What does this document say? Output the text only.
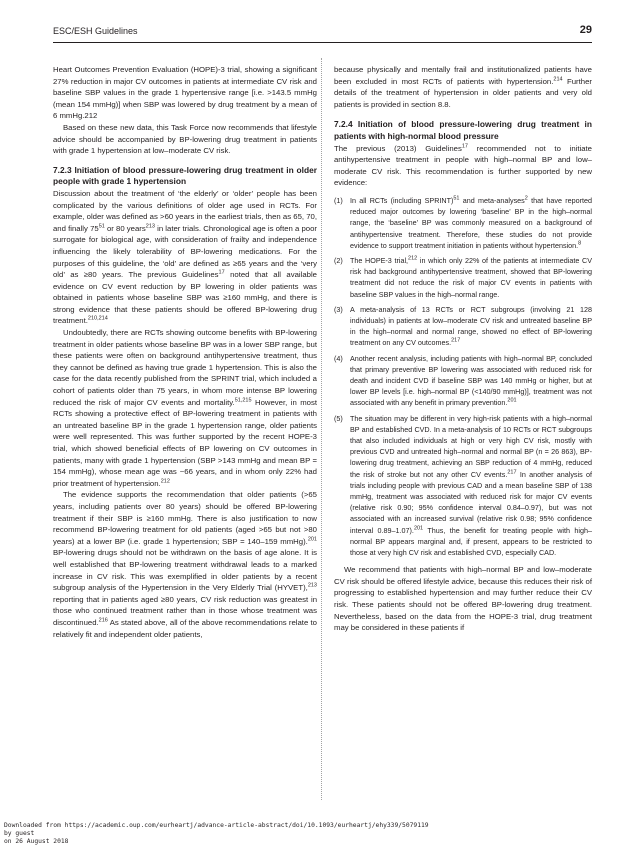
ESC/ESH Guidelines	29

Heart Outcomes Prevention Evaluation (HOPE)-3 trial, showing a significant 27% reduction in major CV outcomes in patients at intermediate CV risk and baseline SBP values in the grade 1 hypertensive range [i.e. >143.5 mmHg (mean 154 mmHg)] when SBP was lowered by drug treatment by a mean of 6 mmHg.212

Based on these new data, this Task Force now recommends that lifestyle advice should be accompanied by BP-lowering drug treatment in patients with grade 1 hypertension at low–moderate CV risk.

7.2.3 Initiation of blood pressure-lowering drug treatment in older people with grade 1 hypertension

Discussion about the treatment of ‘the elderly’ or ‘older’ people has been complicated by the various definitions of older age used in RCTs. For example, older was defined as >60 years in the earliest trials, then as 65, 70, and finally $75^{51}$ or 80 years$^{213}$ in later trials. Chronological age is often a poor surrogate for biological age, with consideration of frailty and independence influencing the likely tolerability of BP-lowering medications. For the purposes of this guideline, the ‘old’ are defined as ≥65 years and the ‘very old’ as ≥80 years. The previous Guidelines$^{17}$ noted that all available evidence on CV event reduction by BP lowering in older patients was obtained in patients whose baseline SBP was ≥160 mmHg, and there is strong evidence that these patients should be offered BP-lowering drug treatment.$^{210,214}$

Undoubtedly, there are RCTs showing outcome benefits with BP-lowering treatment in older patients whose baseline BP was in a lower SBP range, but these patients were often on background antihypertensive treatment, thus they cannot be defined as having true grade 1 hypertension. This is also the case for the data recently published from the SPRINT trial, which included a cohort of patients older than 75 years, in whom more intense BP lowering reduced the risk of major CV events and mortality.$^{51,215}$ However, in most RCTs showing a protective effect of BP-lowering treatment in patients with an untreated baseline BP in the grade 1 hypertension range, older patients were well represented. This was further supported by the recent HOPE-3 trial, which showed beneficial effects of BP lowering on CV outcomes in patients, many with grade 1 hypertension (SBP >143 mmHg and mean BP = 154 mmHg), whose mean age was ~66 years, and in whom only 22% had prior treatment of hypertension.$^{212}$

The evidence supports the recommendation that older patients (>65 years, including patients over 80 years) should be offered BP-lowering treatment if their SBP is ≥160 mmHg. There is also justification to now recommend BP-lowering treatment for old patients (aged >65 but not >80 years) at a lower BP (i.e. grade 1 hypertension; SBP = 140–159 mmHg).$^{201}$ BP-lowering drugs should not be withdrawn on the basis of age alone. It is well established that BP-lowering treatment withdrawal leads to a marked increase in CV risk. This was exemplified in older patients by a recent subgroup analysis of the Hypertension in the Very Elderly Trial (HYVET),$^{213}$ reporting that in patients aged ≥80 years, CV risk reduction was greatest in those who continued treatment rather than in those whose treatment was discontinued.$^{216}$ As stated above, all of the above recommendations relate to relatively fit and independent older patients,

because physically and mentally frail and institutionalized patients have been excluded in most RCTs of patients with hypertension.$^{214}$ Further details of the treatment of hypertension in older patients and very old patients is provided in section 8.8.

7.2.4 Initiation of blood pressure-lowering drug treatment in patients with high-normal blood pressure

The previous (2013) Guidelines$^{17}$ recommended not to initiate antihypertensive treatment in people with high–normal BP and low–moderate CV risk. This recommendation is further supported by new evidence:

(1) In all RCTs (including SPRINT)$^{51}$ and meta-analyses$^2$ that have reported reduced major outcomes by lowering ‘baseline’ BP in the high–normal range, the ‘baseline’ BP was commonly measured on a background of antihypertensive treatment. Therefore, these studies do not provide evidence to support treatment initiation in patients without hypertension.$^8$
(2) The HOPE-3 trial,$^{212}$ in which only 22% of the patients at intermediate CV risk had background antihypertensive treatment, showed that BP-lowering treatment did not reduce the risk of major CV events in patients with baseline SBP values in the high–normal range.
(3) A meta-analysis of 13 RCTs or RCT subgroups (involving 21 128 individuals) in patients at low–moderate CV risk and untreated baseline BP in the high–normal and normal range, showed no effect of BP-lowering treatment on any CV outcomes.$^{217}$
(4) Another recent analysis, including patients with high–normal BP, concluded that primary preventive BP lowering was associated with reduced risk for death and incident CVD if baseline SBP was 140 mmHg or higher, but at lower BP levels [i.e. high–normal BP (<140/90 mmHg)], treatment was not associated with any benefit in primary prevention.$^{201}$
(5) The situation may be different in very high-risk patients with a high–normal BP and established CVD. In a meta-analysis of 10 RCTs or RCT subgroups that also included individuals at high or very high CV risk, mostly with previous CVD and untreated high–normal and normal BP (n = 26 863), BP-lowering drug treatment, achieving an SBP reduction of 4 mmHg, reduced the risk of stroke but not any other CV events.$^{217}$ In another analysis of trials including people with previous CAD and a mean baseline SBP of 138 mmHg, treatment was associated with reduced risk for major CV events (relative risk 0.90; 95% confidence interval 0.84–0.97), but was not associated with an increased survival (relative risk 0.98; 95% confidence interval 0.89–1.07).$^{201}$ Thus, the benefit for treating people with high–normal BP appears marginal and, if present, appears to be restricted to those at very high CV risk and established CVD, especially CAD.

We recommend that patients with high–normal BP and low–moderate CV risk should be offered lifestyle advice, because this reduces their risk of progressing to established hypertension and may further reduce their CV risk. These patients should not be offered BP-lowering drug treatment. Nevertheless, based on the data from the HOPE-3 trial, drug treatment may be considered in these patients if

Downloaded from https://academic.oup.com/eurheartj/advance-article-abstract/doi/10.1093/eurheartj/ehy339/5079119
by guest
on 26 August 2018
